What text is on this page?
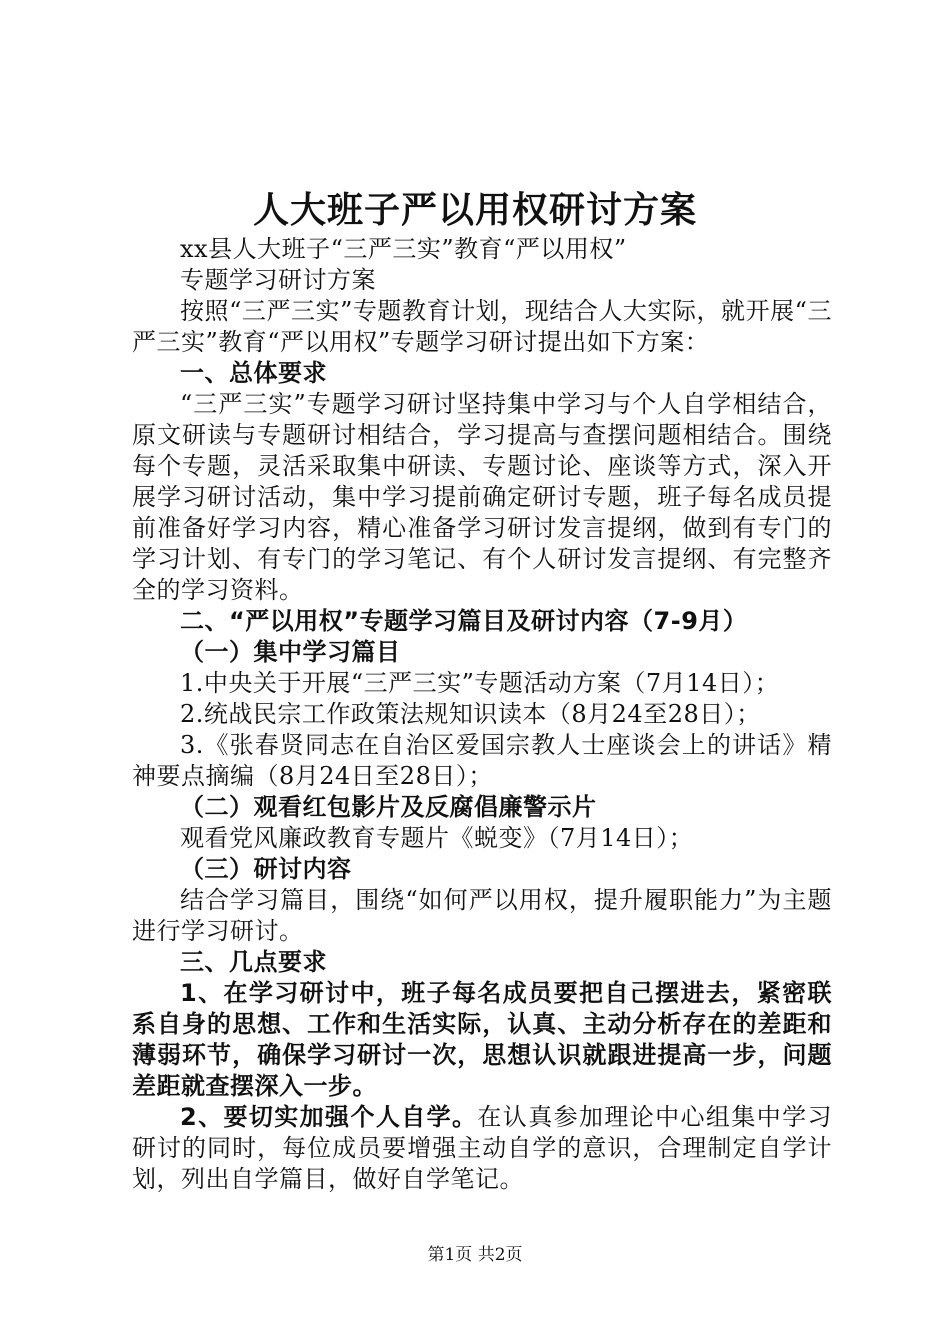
人大班子严以用权研讨方案

xx县人大班子“三严三实”教育“严以用权”

专题学习研讨方案

按照“三严三实”专题教育计划，现结合人大实际，就开展“三严三实”教育“严以用权”专题学习研讨提出如下方案：

一、总体要求

“三严三实”专题学习研讨坚持集中学习与个人自学相结合，原文研读与专题研讨相结合，学习提高与查摆问题相结合。围绕每个专题，灵活采取集中研读、专题讨论、座谈等方式，深入开展学习研讨活动，集中学习提前确定研讨专题，班子每名成员提前准备好学习内容，精心准备学习研讨发言提纲，做到有专门的学习计划、有专门的学习笔记、有个人研讨发言提纲、有完整齐全的学习资料。

二、“严以用权”专题学习篇目及研讨内容（7-9月）

（一）集中学习篇目

1.中央关于开展“三严三实”专题活动方案（7月14日）；

2.统战民宗工作政策法规知识读本（8月24至28日）；

3.《张春贤同志在自治区爱国宗教人士座谈会上的讲话》精神要点摘编（8月24日至28日）；

（二）观看红包影片及反腐倡廉警示片

观看党风廉政教育专题片《蜕变》（7月14日）；

（三）研讨内容

结合学习篇目，围绕“如何严以用权，提升履职能力”为主题进行学习研讨。

三、几点要求

1、在学习研讨中，班子每名成员要把自己摆进去，紧密联系自身的思想、工作和生活实际，认真、主动分析存在的差距和薄弱环节，确保学习研讨一次，思想认识就跟进提高一步，问题差距就查摆深入一步。

2、要切实加强个人自学。在认真参加理论中心组集中学习研讨的同时，每位成员要增强主动自学的意识，合理制定自学计划，列出自学篇目，做好自学笔记。

第1页 共2页
